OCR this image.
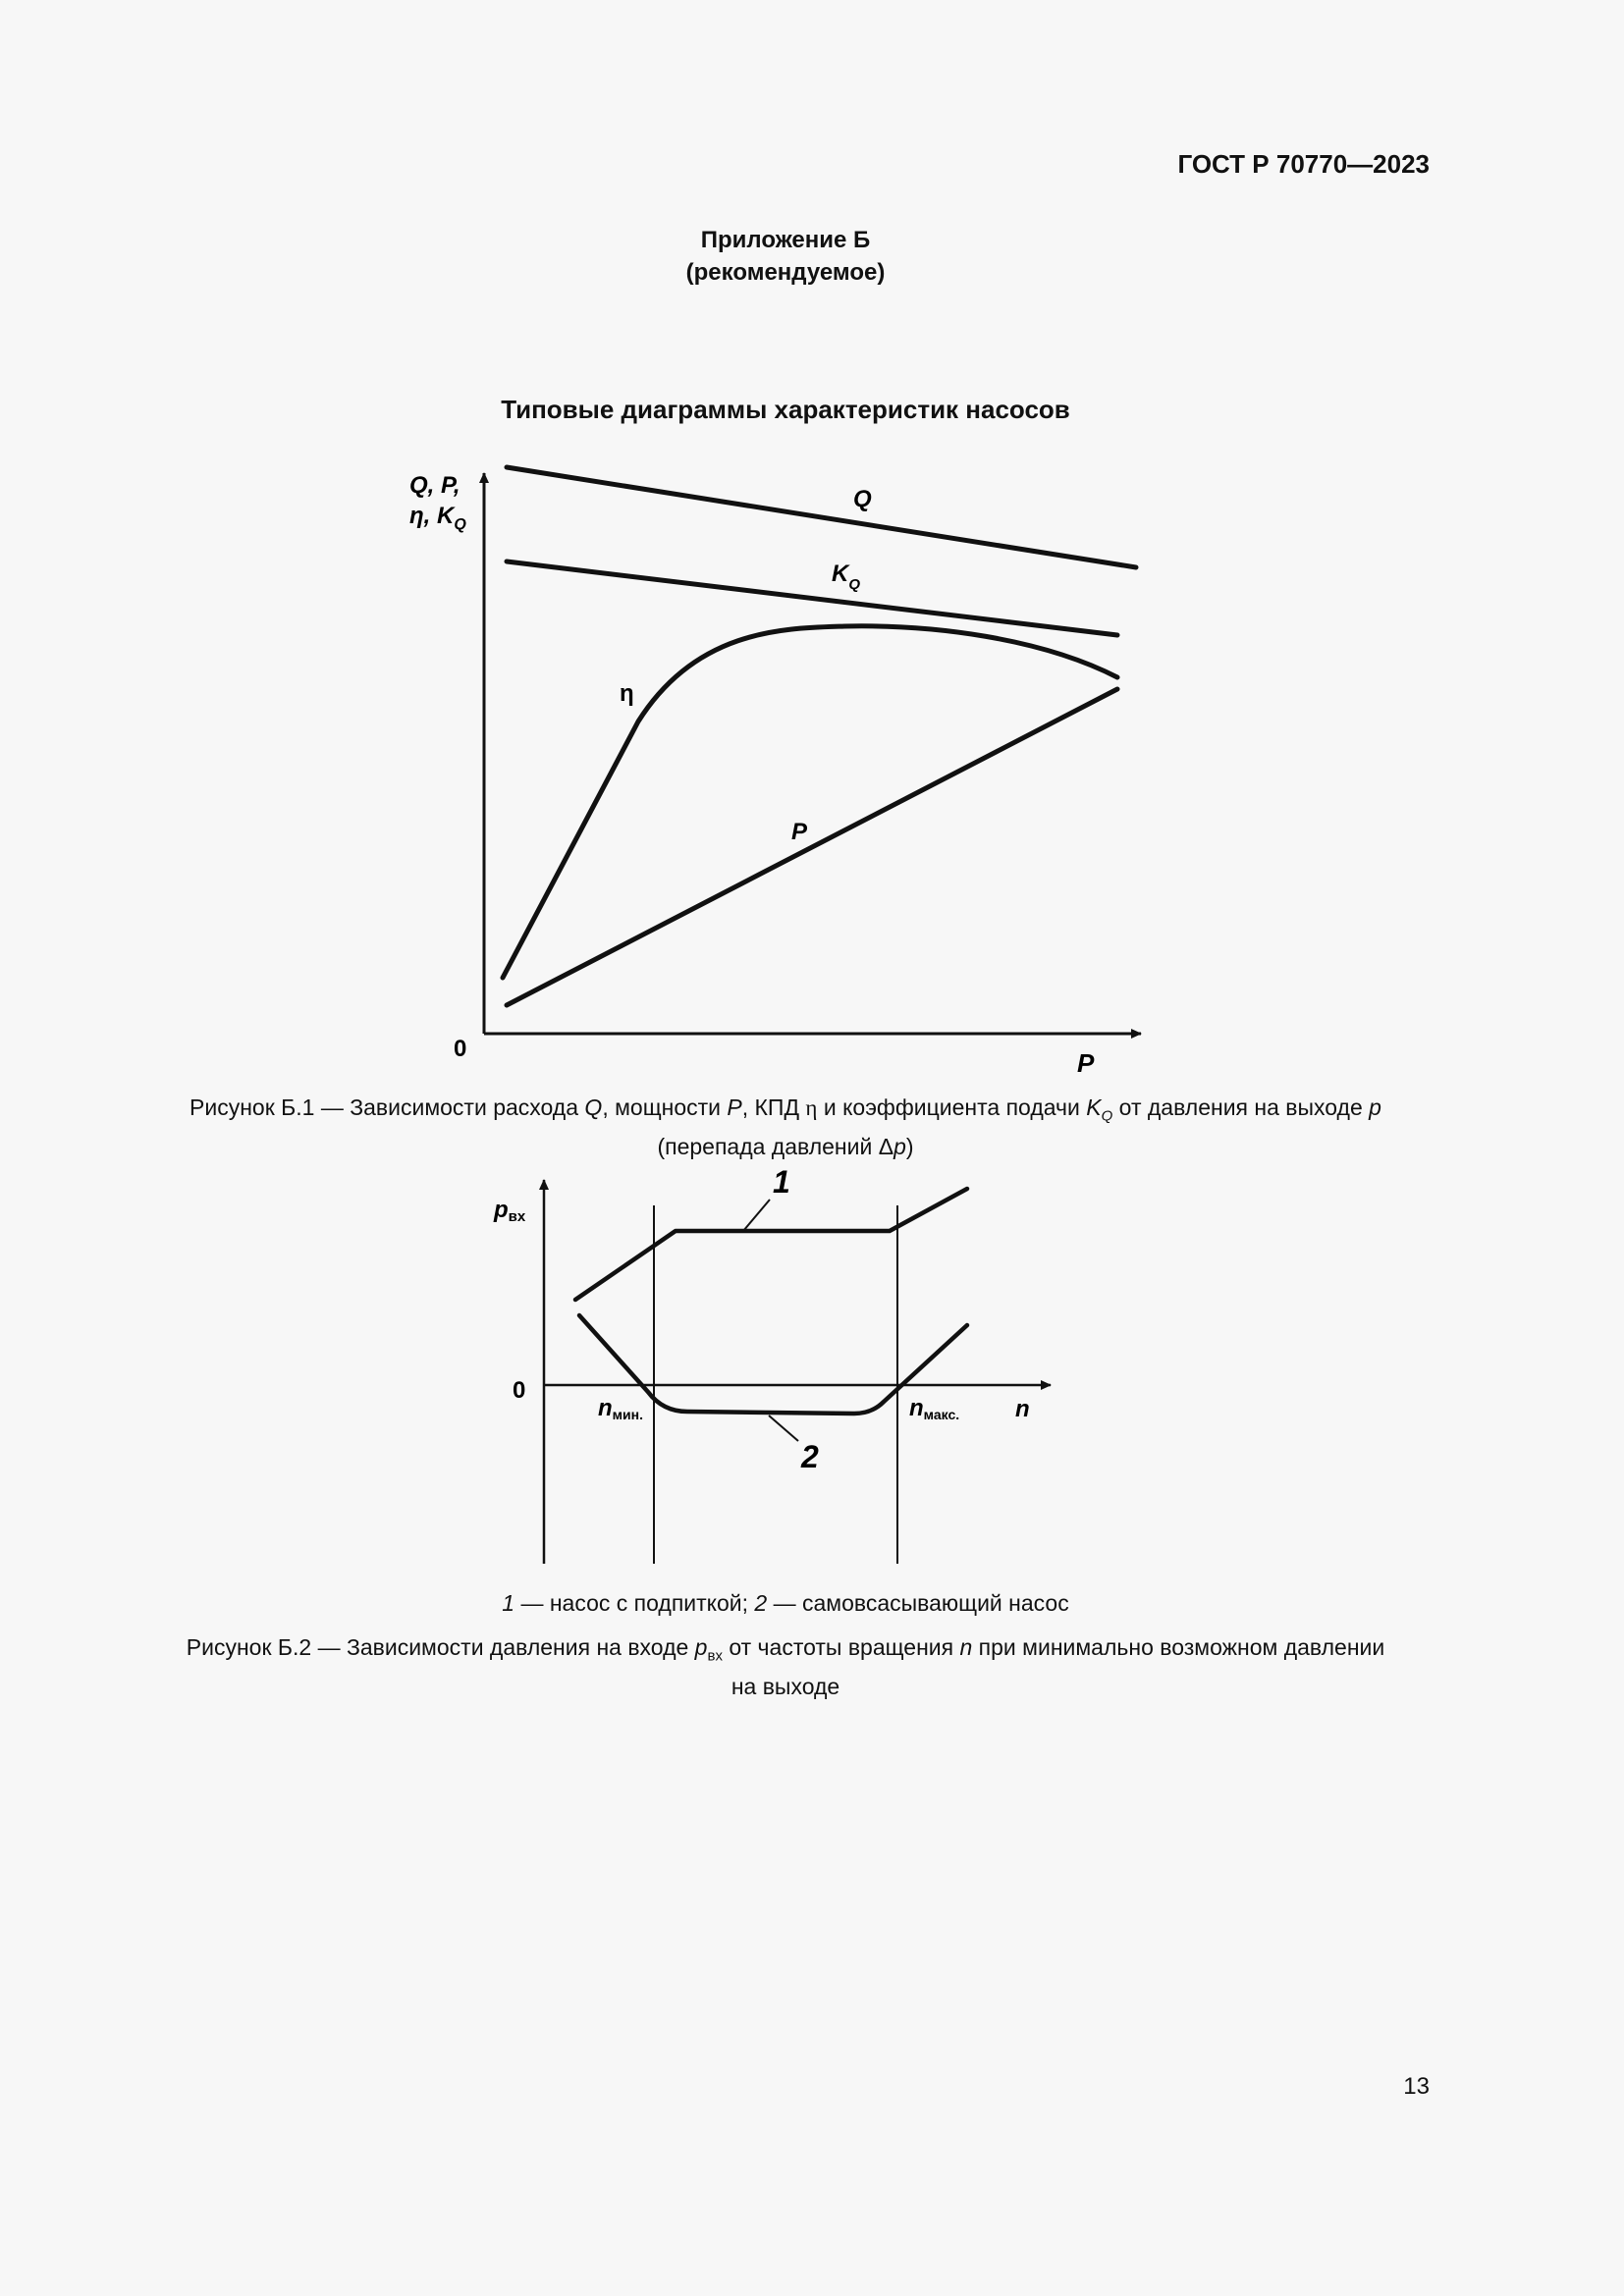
ГОСТ Р 70770—2023
Приложение Б
(рекомендуемое)
Типовые диаграммы характеристик насосов
Q, P,
η, $K_Q$
0	P
Q
$K_Q$
η
P
Рисунок Б.1 — Зависимости расхода Q, мощности P, КПД η и коэффициента подачи $K_Q$ от давления на выходе p
(перепада давлений Δp)
pвх
0
nмин.	nмакс. n
1
2
1 — насос с подпиткой; 2 — самовсасывающий насос
Рисунок Б.2 — Зависимости давления на входе $p_{вх}$ от частоты вращения n при минимально возможном давлении
на выходе
13
